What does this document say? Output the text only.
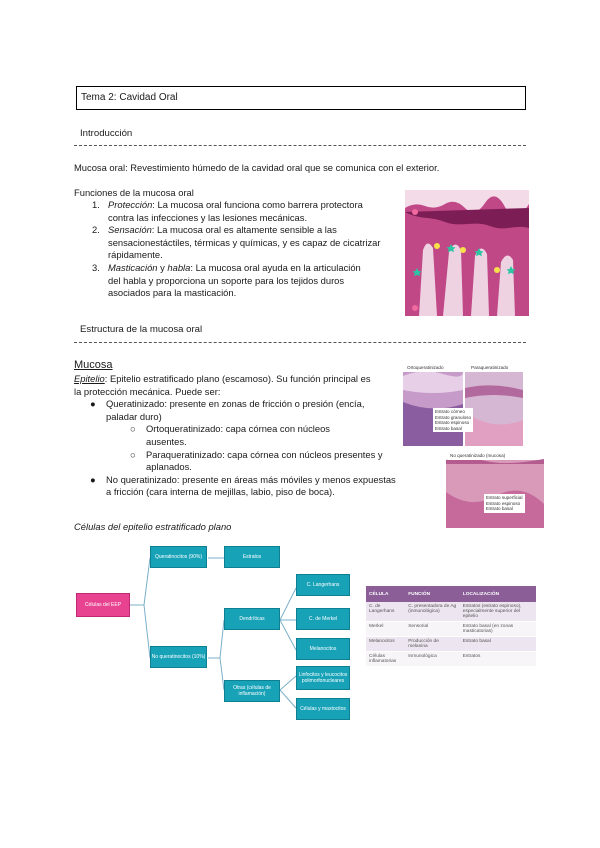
Tema 2: Cavidad Oral
Introducción
Mucosa oral: Revestimiento húmedo de la cavidad oral que se comunica con el exterior.
Funciones de la mucosa oral

1. Protección: La mucosa oral funciona como barrera protectora

contra las infecciones y las lesiones mecánicas.

2. Sensación: La mucosa oral es altamente sensible a las

sensacionestáctiles, térmicas y químicas, y es capaz de cicatrizar

rápidamente.

3. Masticación y habla: La mucosa oral ayuda en la articulación

del habla y proporciona un soporte para los tejidos duros

asociados para la masticación.

Estructura de la mucosa oral
Mucosa

Epitelio: Epitelio estratificado plano (escamoso). Su función principal es

la protección mecánica. Puede ser:

● Queratinizado: presente en zonas de fricción o presión (encía,

paladar duro)

○ Ortoqueratinizado: capa córnea con núcleos

ausentes.

○ Paraqueratinizado: capa córnea con núcleos presentes y

aplanados.

● No queratinizado: presente en áreas más móviles y menos expuestas

a fricción (cara interna de mejillas, labio, piso de boca).

Ortoqueratinizado	Paraqueratinizado
Estrato córneo
Estrato granuloso
Estrato espinoso
Estrato basal
No queratinizado (mucosa)
Estrato superficial
Estrato espinoso
Estrato basal
Células del epitelio estratificado plano
Células del EEP
Queratinocitos (90%)	Estratos
No queratinocitos (10%)
Dendríticas
C. Langerhans
C. de Merkel
Melanocitos
Otras (células de inflamación)
Linfocitos y leucocitos polimorfonucleares
Células y mastocitos
CÉLULA	FUNCIÓN	LOCALIZACIÓN
C. de Langerhans	C. presentadora de Ag (inmunológica)	Estratos (estrato espinoso), especialmente superior del epitelio
Merkel	Sensorial	Estrato basal (en zonas masticatorias)
Melanocitos	Producción de melanina	Estrato basal
Células inflamatorias	Inmunológica	Estratos
